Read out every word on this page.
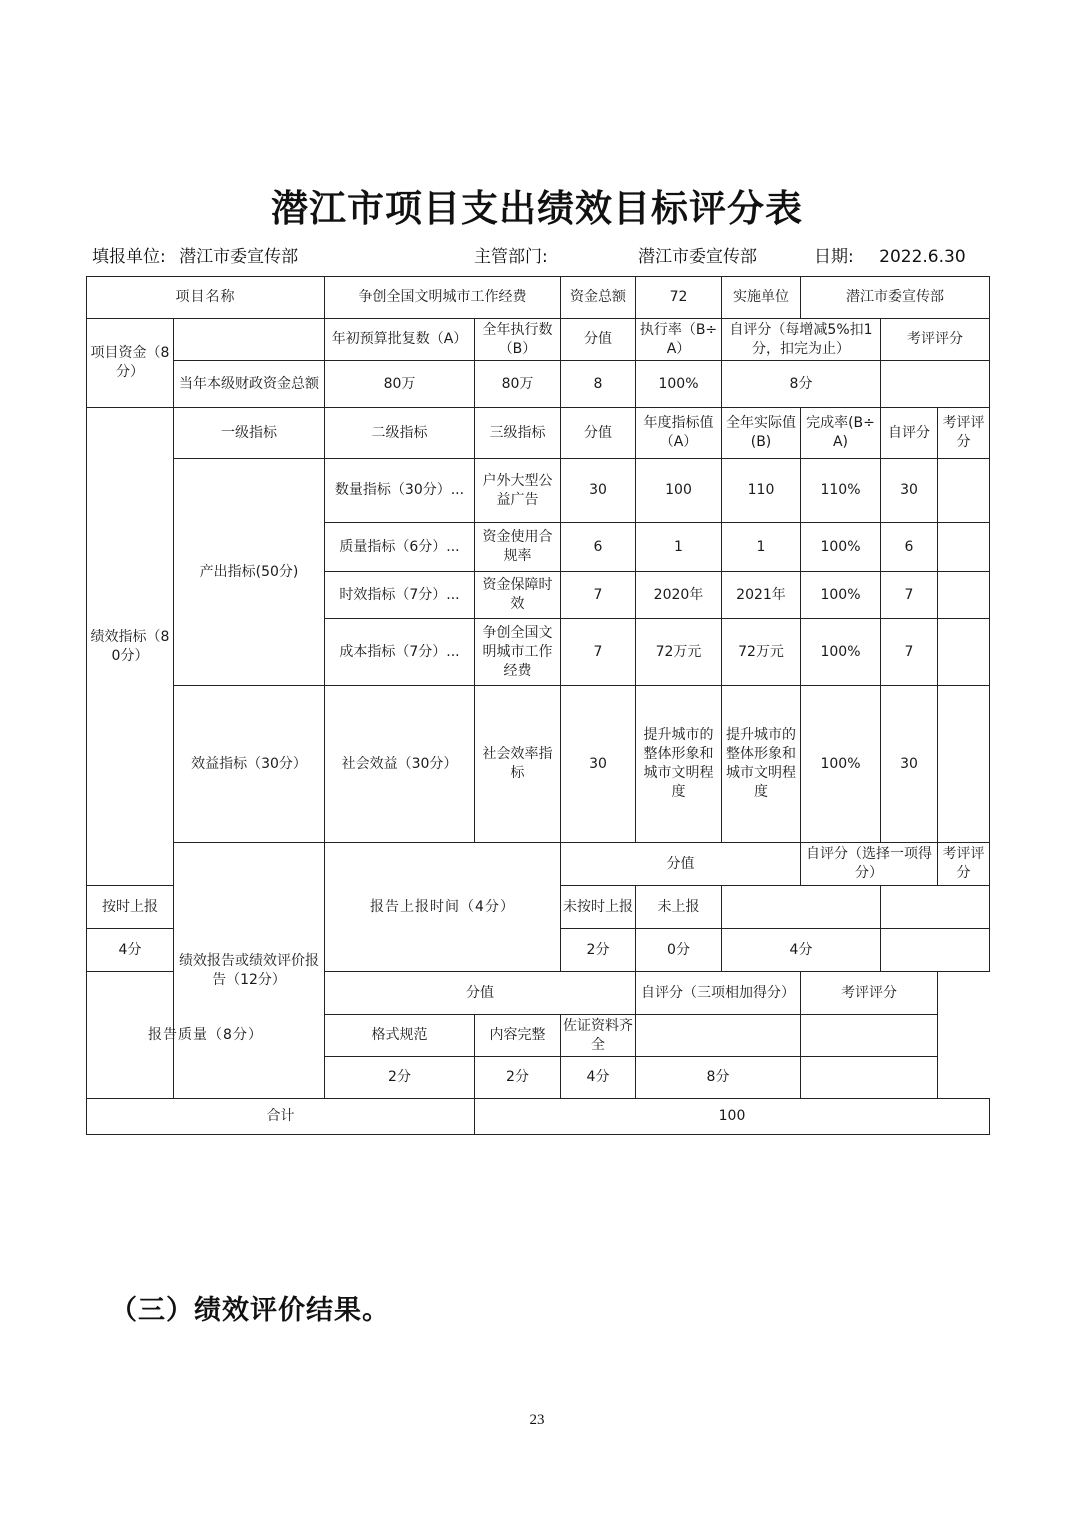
潜江市项目支出绩效目标评分表
填报单位: 潜江市委宣传部	主管部门:	潜江市委宣传部	日期: 2022.6.30
项目名称		争创全国文明城市工作经费		资金总额	72	实施单位	潜江市委宣传部			
项目资金（8分）		年初预算批复数（A）	全年执行数（B）	分值	执行率（B÷A）	自评分（每增减5%扣1分，扣完为止）		考评评分		
	当年本级财政资金总额	80万	80万	8	100%	8分				
绩效指标（80分）	一级指标	二级指标	三级指标	分值	年度指标值（A）	全年实际值(B)	完成率(B÷A)	自评分	考评评分	
	产出指标(50分)	数量指标（30分）...	户外大型公益广告	30	100	110	110%	30		
		质量指标（6分）...	资金使用合规率	6	1	1	100%	6		
		时效指标（7分）...	资金保障时效	7	2020年	2021年	100%	7		
		成本指标（7分）...	争创全国文明城市工作经费	7	72万元	72万元	100%	7		
	效益指标（30分）	社会效益（30分）	社会效率指标	30	提升城市的整体形象和城市文明程度	提升城市的整体形象和城市文明程度	100%	30		
	绩效报告或绩效评价报告（12分）	报告上报时间（4分）		分值			自评分（选择一项得分）		考评评分	
按时上报				未按时上报	未上报					
4分				2分	0分	4分				
报告质量（8分）		分值			自评分（三项相加得分）		考评评分			
		格式规范	内容完整	佐证资料齐全						
		2分	2分	4分	8分					
合计			100							
（三）绩效评价结果。
23
